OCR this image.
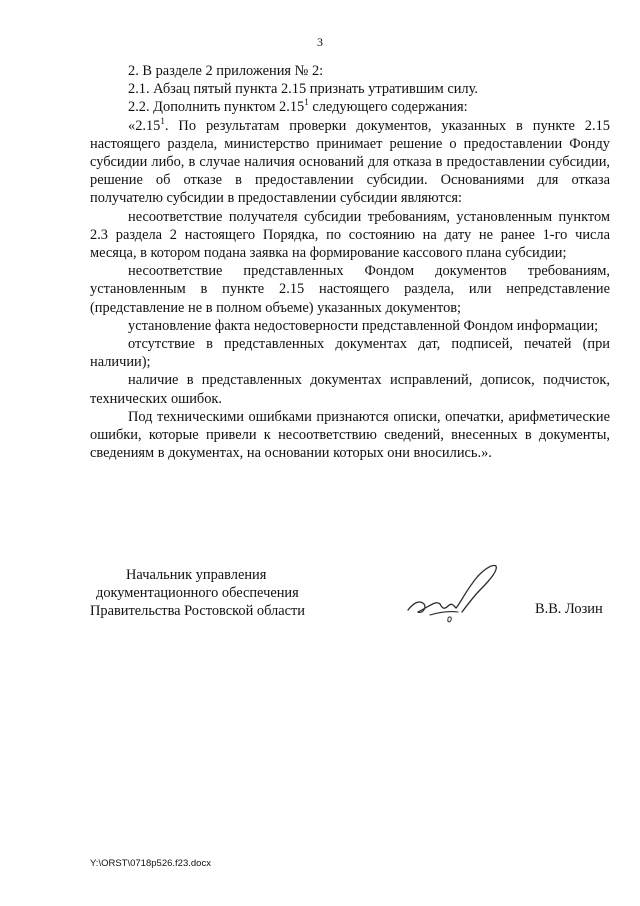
3

2. В разделе 2 приложения № 2:

2.1. Абзац пятый пункта 2.15 признать утратившим силу.

2.2. Дополнить пунктом 2.15$^1$ следующего содержания:

«2.15$^1$. По результатам проверки документов, указанных в пункте 2.15 настоящего раздела, министерство принимает решение о предоставлении Фонду субсидии либо, в случае наличия оснований для отказа в предоставлении субсидии, решение об отказе в предоставлении субсидии. Основаниями для отказа получателю субсидии в предоставлении субсидии являются:

несоответствие получателя субсидии требованиям, установленным пунктом 2.3 раздела 2 настоящего Порядка, по состоянию на дату не ранее 1-го числа месяца, в котором подана заявка на формирование кассового плана субсидии;

несоответствие представленных Фондом документов требованиям, установленным в пункте 2.15 настоящего раздела, или непредставление (представление не в полном объеме) указанных документов;

установление факта недостоверности представленной Фондом информации;

отсутствие в представленных документах дат, подписей, печатей (при наличии);

наличие в представленных документах исправлений, дописок, подчисток, технических ошибок.

Под техническими ошибками признаются описки, опечатки, арифметические ошибки, которые привели к несоответствию сведений, внесенных в документы, сведениям в документах, на основании которых они вносились.».

Начальник управления
документационного обеспечения
Правительства Ростовской области	В.В. Лозин
Y:\ORST\0718p526.f23.docx
